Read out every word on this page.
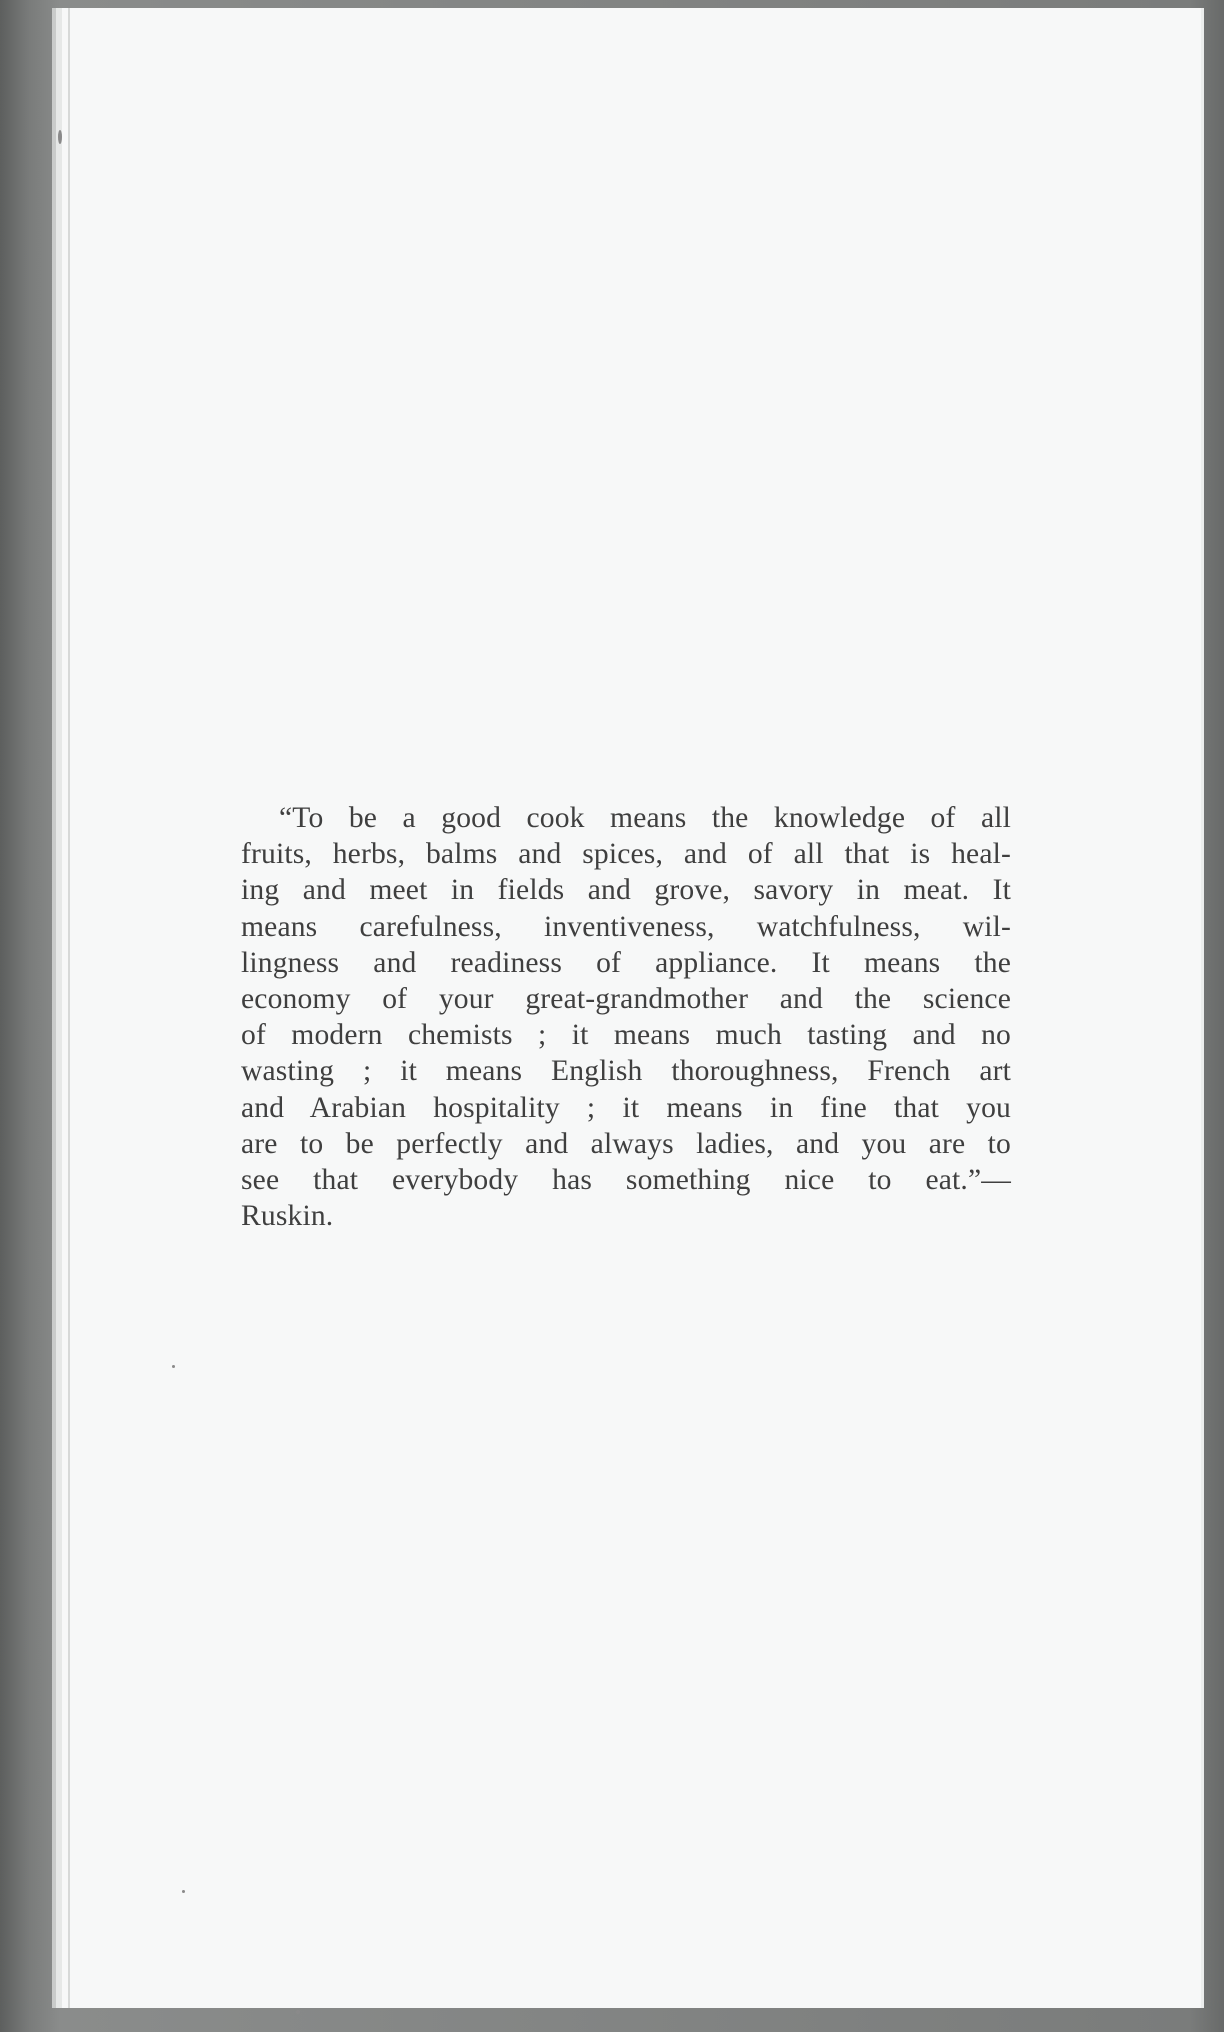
“To be a good cook means the knowledge of all
fruits, herbs, balms and spices, and of all that is heal-
ing and meet in fields and grove, savory in meat. It
means carefulness, inventiveness, watchfulness, wil-
lingness and readiness of appliance. It means the
economy of your great-grandmother and the science
of modern chemists ; it means much tasting and no
wasting ; it means English thoroughness, French art
and Arabian hospitality ; it means in fine that you
are to be perfectly and always ladies, and you are to
see that everybody has something nice to eat.”—
Ruskin.
